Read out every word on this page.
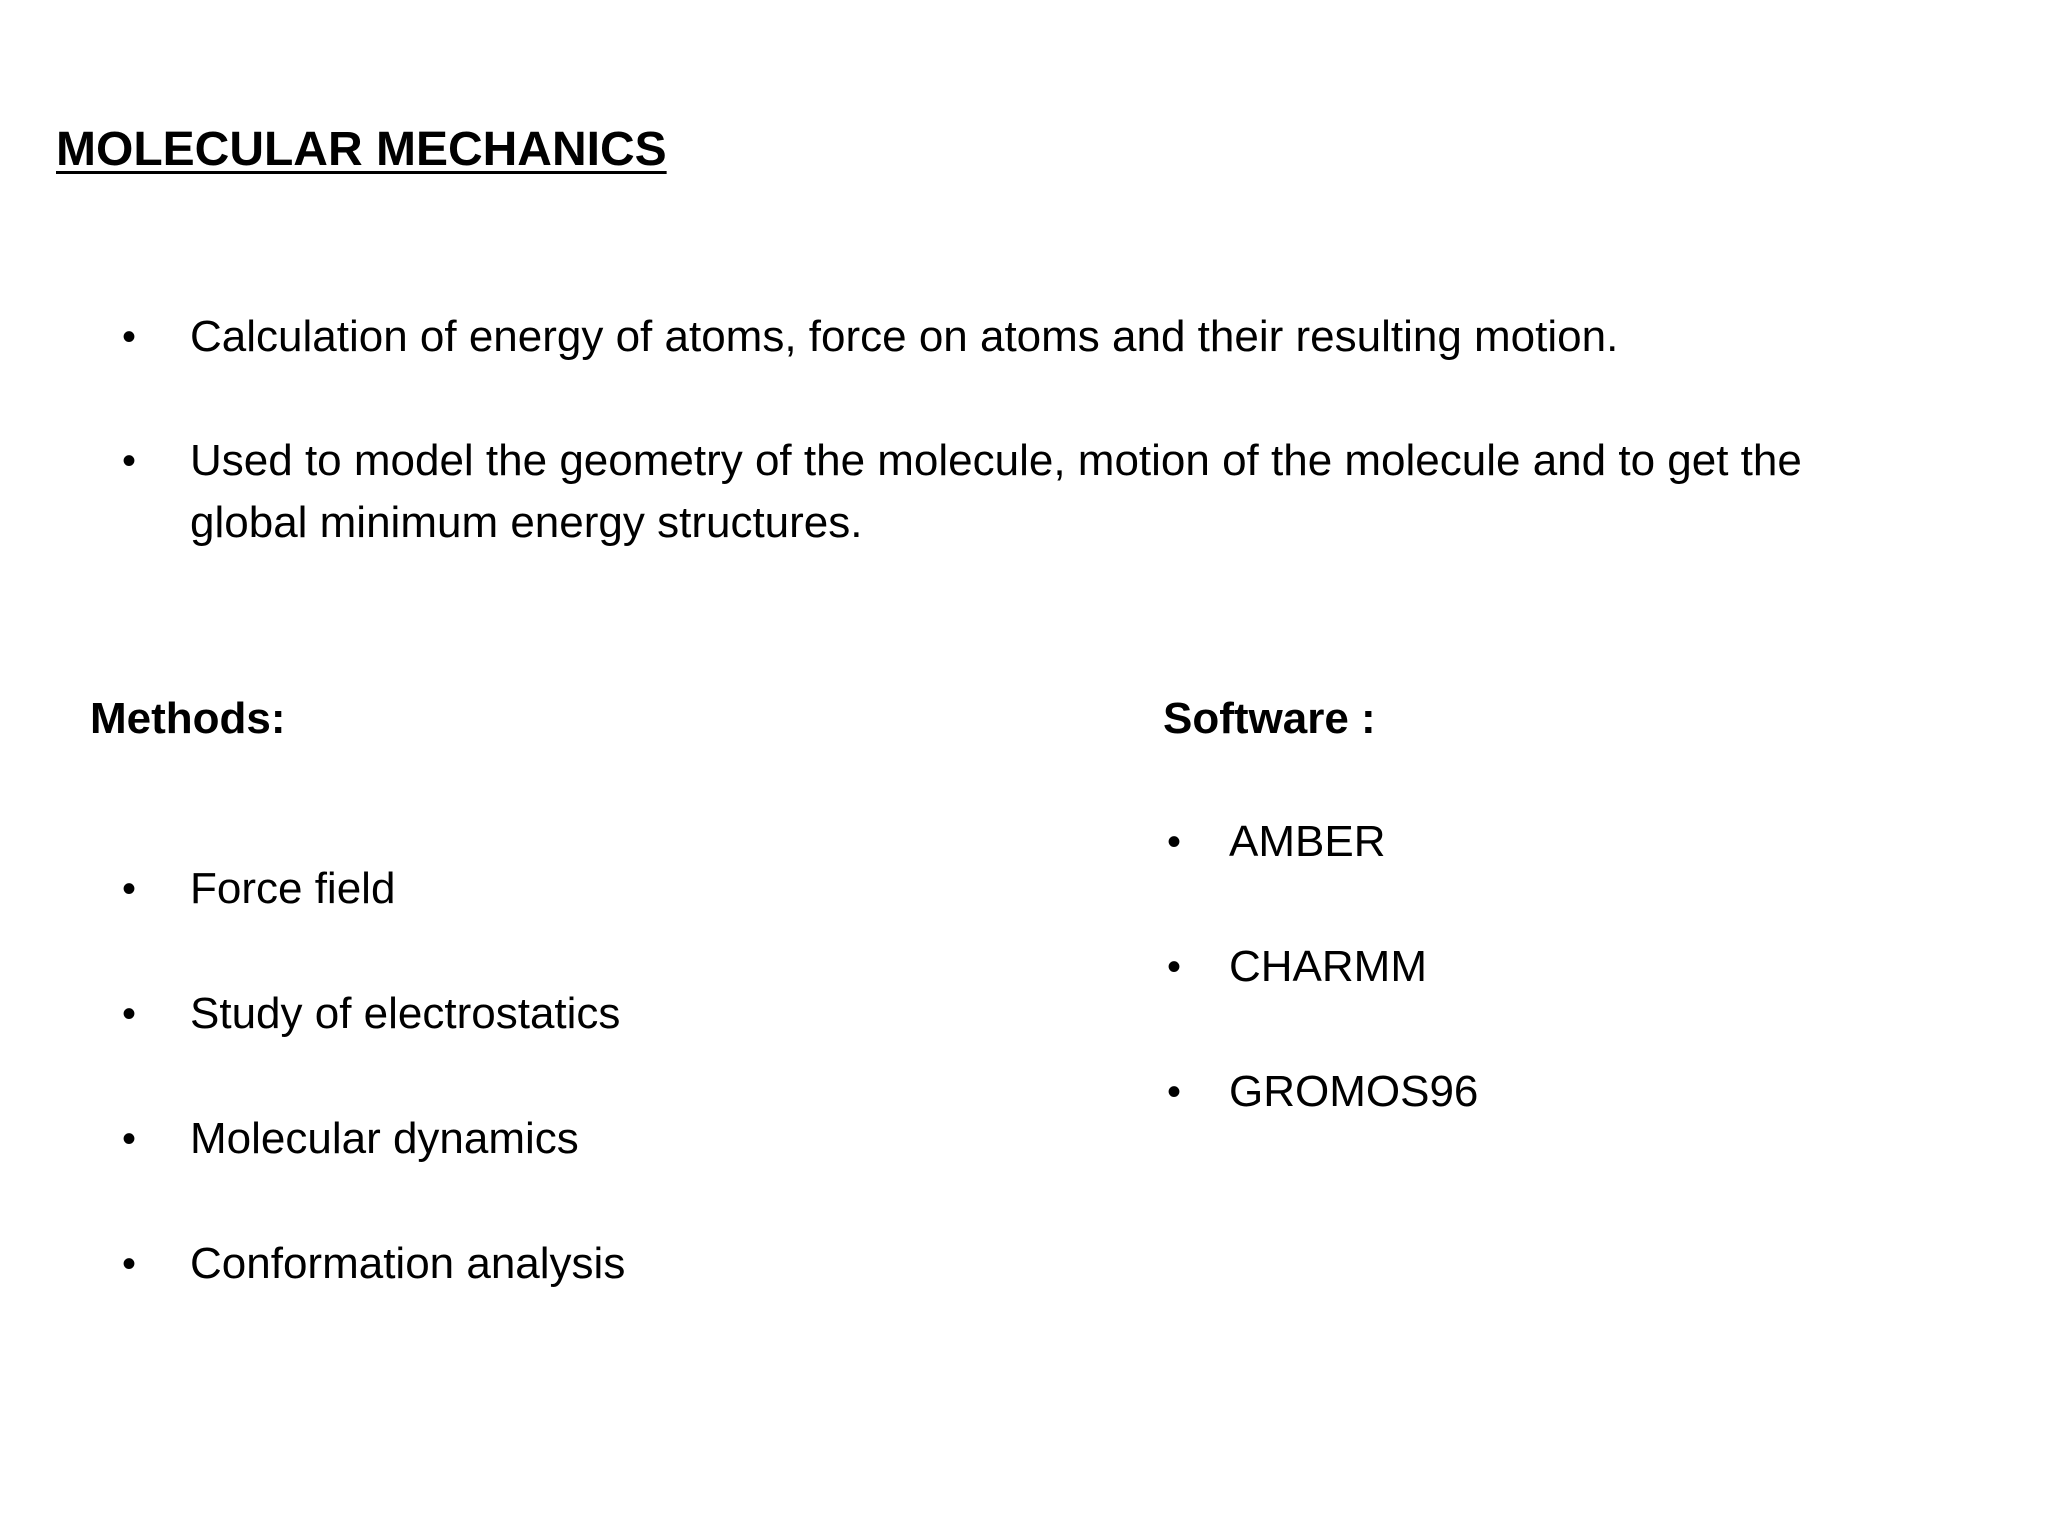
MOLECULAR MECHANICS
• Calculation of energy of atoms, force on atoms and their resulting motion.
• Used to model the geometry of the molecule, motion of the molecule and to get the global minimum energy structures.
Methods:
• Force field
• Study of electrostatics
• Molecular dynamics
• Conformation analysis
Software :
• AMBER
• CHARMM
• GROMOS96
